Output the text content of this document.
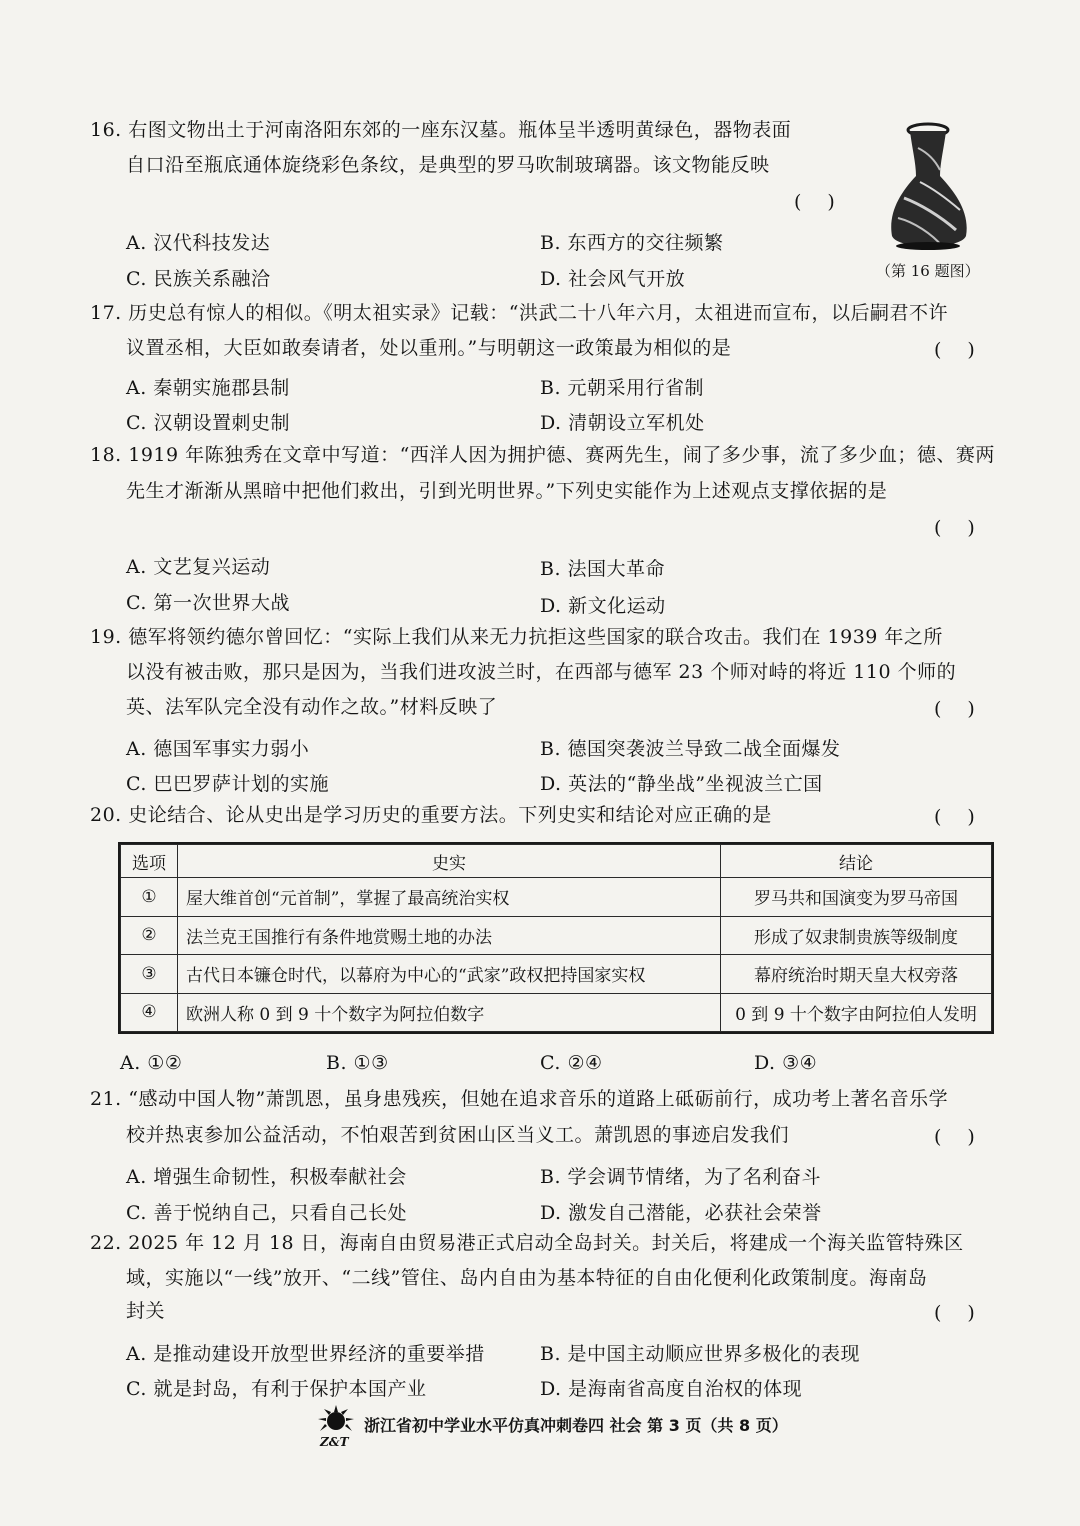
16. 右图文物出土于河南洛阳东郊的一座东汉墓。瓶体呈半透明黄绿色，器物表面
自口沿至瓶底通体旋绕彩色条纹，是典型的罗马吹制玻璃器。该文物能反映
()
A. 汉代科技发达	B. 东西方的交往频繁
C. 民族关系融洽	D. 社会风气开放	（第 16 题图）
17. 历史总有惊人的相似。《明太祖实录》记载：“洪武二十八年六月，太祖进而宣布，以后嗣君不许
议置丞相，大臣如敢奏请者，处以重刑。”与明朝这一政策最为相似的是	()
A. 秦朝实施郡县制	B. 元朝采用行省制
C. 汉朝设置刺史制	D. 清朝设立军机处
18. 1919 年陈独秀在文章中写道：“西洋人因为拥护德、赛两先生，闹了多少事，流了多少血；德、赛两
先生才渐渐从黑暗中把他们救出，引到光明世界。”下列史实能作为上述观点支撑依据的是
()
A. 文艺复兴运动	B. 法国大革命
C. 第一次世界大战	D. 新文化运动
19. 德军将领约德尔曾回忆：“实际上我们从来无力抗拒这些国家的联合攻击。我们在 1939 年之所
以没有被击败，那只是因为，当我们进攻波兰时，在西部与德军 23 个师对峙的将近 110 个师的
英、法军队完全没有动作之故。”材料反映了	()
A. 德国军事实力弱小	B. 德国突袭波兰导致二战全面爆发
C. 巴巴罗萨计划的实施	D. 英法的“静坐战”坐视波兰亡国
20. 史论结合、论从史出是学习历史的重要方法。下列史实和结论对应正确的是	()
选项	史实	结论
①	屋大维首创“元首制”，掌握了最高统治实权	罗马共和国演变为罗马帝国
②	法兰克王国推行有条件地赏赐土地的办法	形成了奴隶制贵族等级制度
③	古代日本镰仓时代，以幕府为中心的“武家”政权把持国家实权	幕府统治时期天皇大权旁落
④	欧洲人称 0 到 9 十个数字为阿拉伯数字	0 到 9 十个数字由阿拉伯人发明
A. ①②	B. ①③	C. ②④	D. ③④
21. “感动中国人物”萧凯恩，虽身患残疾，但她在追求音乐的道路上砥砺前行，成功考上著名音乐学
校并热衷参加公益活动，不怕艰苦到贫困山区当义工。萧凯恩的事迹启发我们	()
A. 增强生命韧性，积极奉献社会	B. 学会调节情绪，为了名利奋斗
C. 善于悦纳自己，只看自己长处	D. 激发自己潜能，必获社会荣誉
22. 2025 年 12 月 18 日，海南自由贸易港正式启动全岛封关。封关后，将建成一个海关监管特殊区
域，实施以“一线”放开、“二线”管住、岛内自由为基本特征的自由化便利化政策制度。海南岛
封关	()
A. 是推动建设开放型世界经济的重要举措	B. 是中国主动顺应世界多极化的表现
C. 就是封岛，有利于保护本国产业	D. 是海南省高度自治权的体现
Z&T
浙江省初中学业水平仿真冲刺卷四 社会 第 3 页（共 8 页）
